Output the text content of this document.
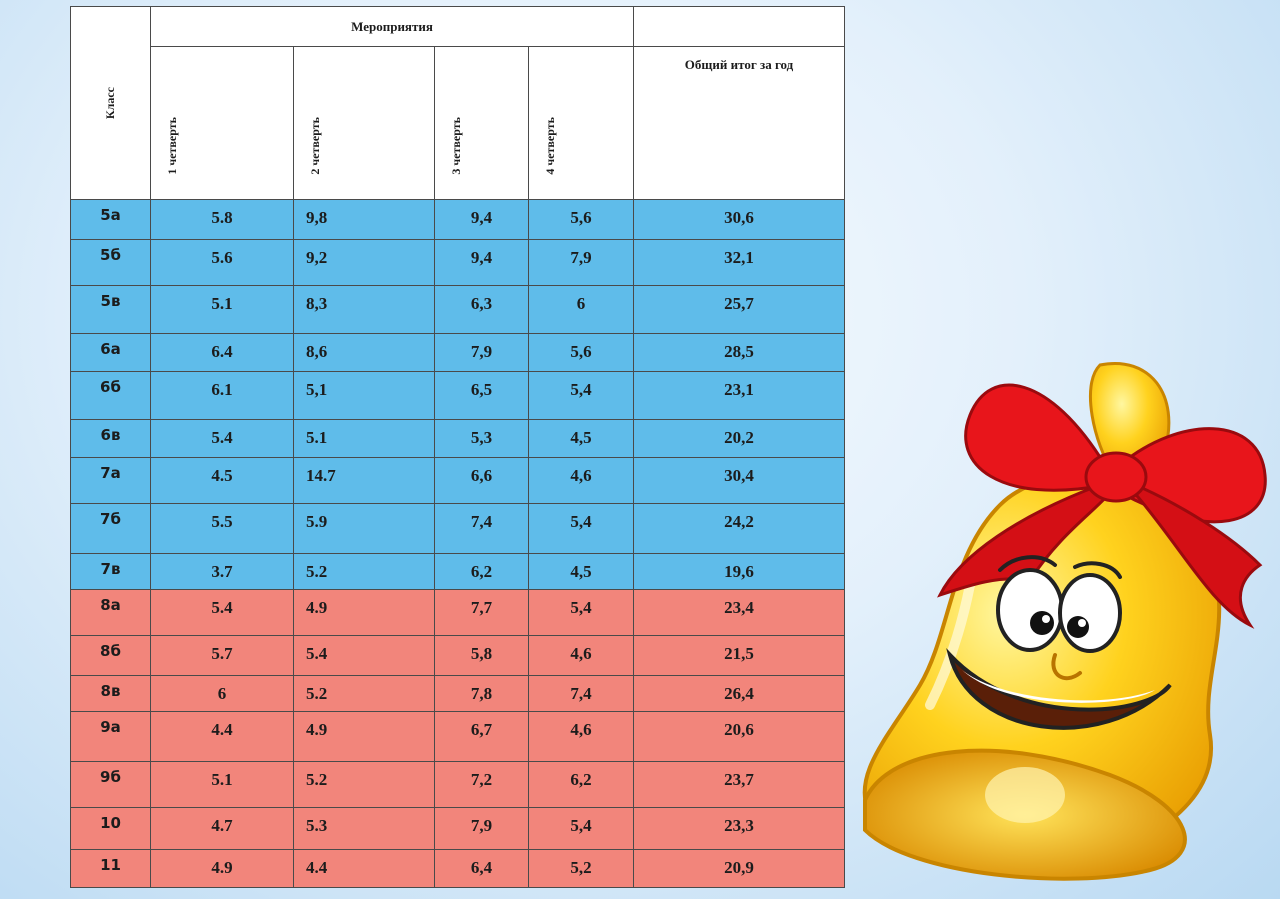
Класс	Мероприятия				

	1 четверть	2 четверть	3 четверть	4 четверть	Общий итог за год
5а	5.8	9,8	9,4	5,6	30,6
5б	5.6	9,2	9,4	7,9	32,1
5в	5.1	8,3	6,3	6	25,7
6а	6.4	8,6	7,9	5,6	28,5
6б	6.1	5,1	6,5	5,4	23,1
6в	5.4	5.1	5,3	4,5	20,2
7а	4.5	14.7	6,6	4,6	30,4
7б	5.5	5.9	7,4	5,4	24,2
7в	3.7	5.2	6,2	4,5	19,6
8а	5.4	4.9	7,7	5,4	23,4
8б	5.7	5.4	5,8	4,6	21,5
8в	6	5.2	7,8	7,4	26,4
9а	4.4	4.9	6,7	4,6	20,6
9б	5.1	5.2	7,2	6,2	23,7
10	4.7	5.3	7,9	5,4	23,3
11	4.9	4.4	6,4	5,2	20,9
